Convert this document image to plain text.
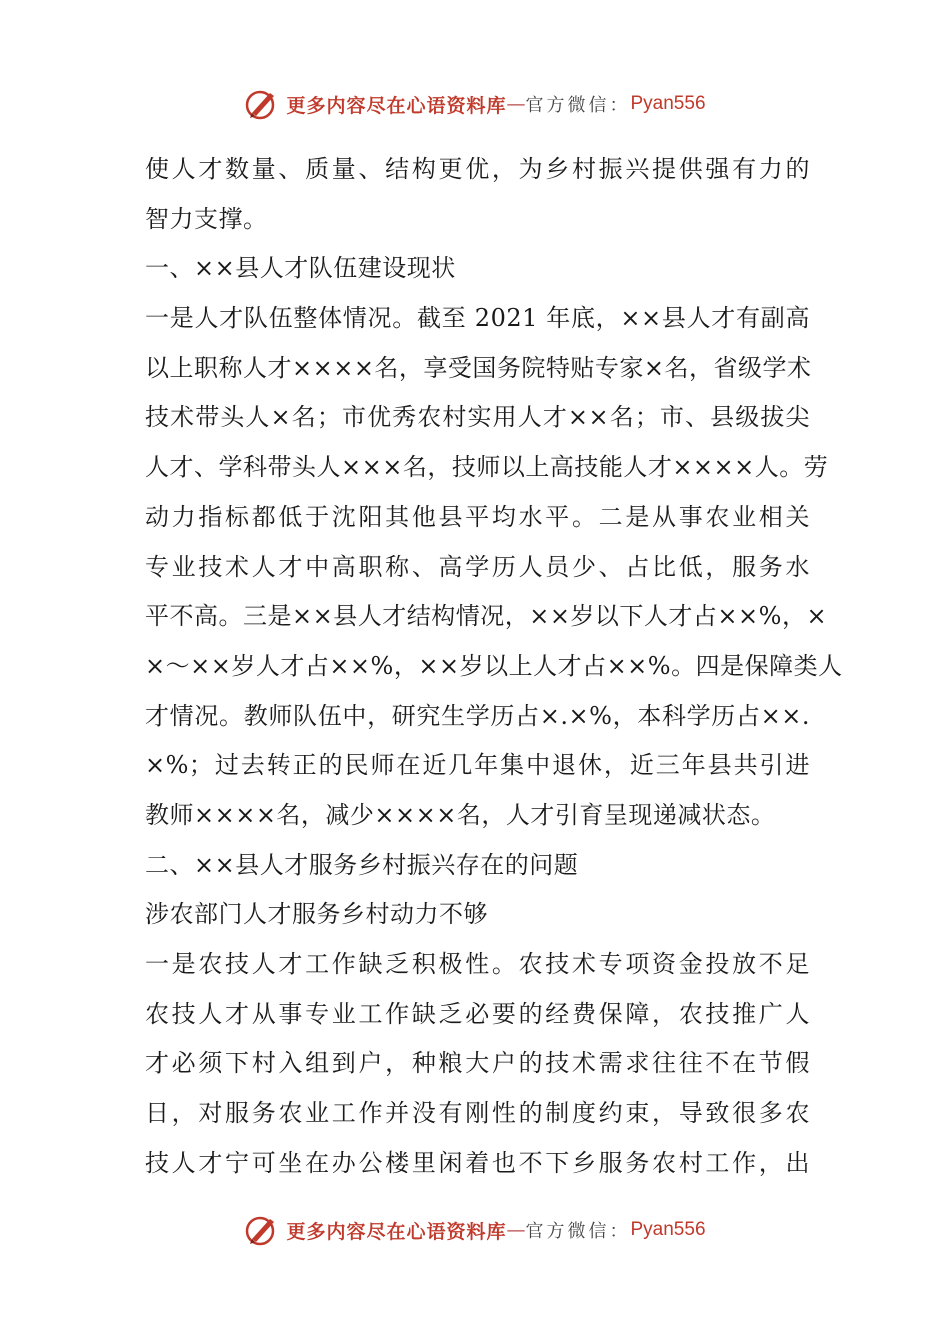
更多内容尽在心语资料库 — 官方微信： Pyan556
使人才数量、质量、结构更优，为乡村振兴提供强有力的
智力支撑。
一、××县人才队伍建设现状
一是人才队伍整体情况。截至 2021 年底，××县人才有副高
以上职称人才××××名，享受国务院特贴专家×名，省级学术
技术带头人×名；市优秀农村实用人才××名；市、县级拔尖
人才、学科带头人×××名，技师以上高技能人才××××人。劳
动力指标都低于沈阳其他县平均水平。二是从事农业相关
专业技术人才中高职称、高学历人员少、占比低，服务水
平不高。三是××县人才结构情况，××岁以下人才占××%，×
×～××岁人才占××%，××岁以上人才占××%。四是保障类人
才情况。教师队伍中，研究生学历占×.×%，本科学历占××.
×%；过去转正的民师在近几年集中退休，近三年县共引进
教师××××名，减少××××名，人才引育呈现递减状态。
二、××县人才服务乡村振兴存在的问题
涉农部门人才服务乡村动力不够
一是农技人才工作缺乏积极性。农技术专项资金投放不足
农技人才从事专业工作缺乏必要的经费保障，农技推广人
才必须下村入组到户，种粮大户的技术需求往往不在节假
日，对服务农业工作并没有刚性的制度约束，导致很多农
技人才宁可坐在办公楼里闲着也不下乡服务农村工作，出
更多内容尽在心语资料库 — 官方微信： Pyan556
